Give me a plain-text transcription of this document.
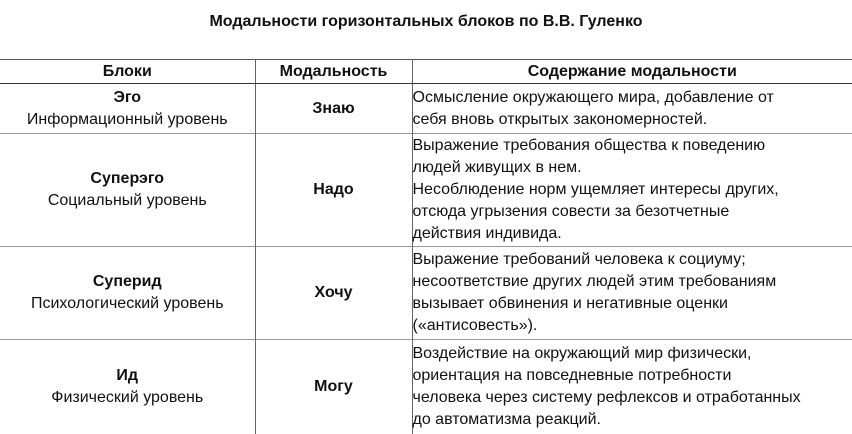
Модальности горизонтальных блоков по В.В. Гуленко
Блоки	Модальность	Содержание модальности

Эго
Информационный уровень	Знаю	Осмысление окружающего мира, добавление от
себя вновь открытых закономерностей.

Суперэго
Социальный уровень	Надо	Выражение требования общества к поведению
людей живущих в нем.
Несоблюдение норм ущемляет интересы других,
отсюда угрызения совести за безотчетные
действия индивида.

Суперид
Психологический уровень	Хочу	Выражение требований человека к социуму;
несоответствие других людей этим требованиям
вызывает обвинения и негативные оценки
(«антисовесть»).

Ид
Физический уровень	Могу	Воздействие на окружающий мир физически,
ориентация на повседневные потребности
человека через систему рефлексов и отработанных
до автоматизма реакций.
